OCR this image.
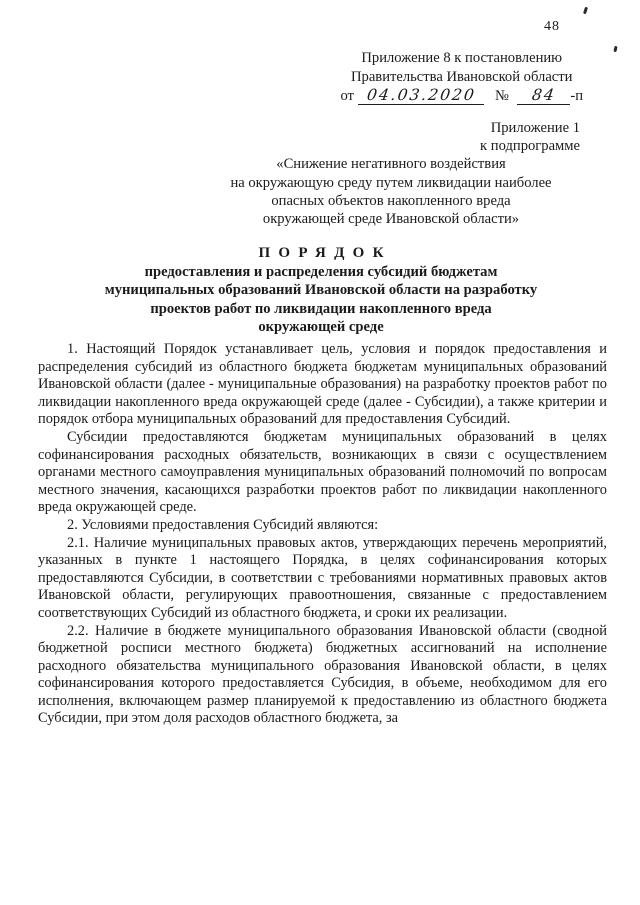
48
Приложение 8 к постановлению
Правительства Ивановской области
от 04.03.2020 № 84 -п
Приложение 1
к подпрограмме
«Снижение негативного воздействия
на окружающую среду путем ликвидации наиболее
опасных объектов накопленного вреда
окружающей среде Ивановской области»
ПОРЯДОК
предоставления и распределения субсидий бюджетам
муниципальных образований Ивановской области на разработку
проектов работ по ликвидации накопленного вреда
окружающей среде

1. Настоящий Порядок устанавливает цель, условия и порядок предоставления и распределения субсидий из областного бюджета бюджетам муниципальных образований Ивановской области (далее - муниципальные образования) на разработку проектов работ по ликвидации накопленного вреда окружающей среде (далее - Субсидии), а также критерии и порядок отбора муниципальных образований для предоставления Субсидий.

Субсидии предоставляются бюджетам муниципальных образований в целях софинансирования расходных обязательств, возникающих в связи с осуществлением органами местного самоуправления муниципальных образований полномочий по вопросам местного значения, касающихся разработки проектов работ по ликвидации накопленного вреда окружающей среде.

2. Условиями предоставления Субсидий являются:

2.1. Наличие муниципальных правовых актов, утверждающих перечень мероприятий, указанных в пункте 1 настоящего Порядка, в целях софинансирования которых предоставляются Субсидии, в соответствии с требованиями нормативных правовых актов Ивановской области, регулирующих правоотношения, связанные с предоставлением соответствующих Субсидий из областного бюджета, и сроки их реализации.

2.2. Наличие в бюджете муниципального образования Ивановской области (сводной бюджетной росписи местного бюджета) бюджетных ассигнований на исполнение расходного обязательства муниципального образования Ивановской области, в целях софинансирования которого предоставляется Субсидия, в объеме, необходимом для его исполнения, включающем размер планируемой к предоставлению из областного бюджета Субсидии, при этом доля расходов областного бюджета, за
